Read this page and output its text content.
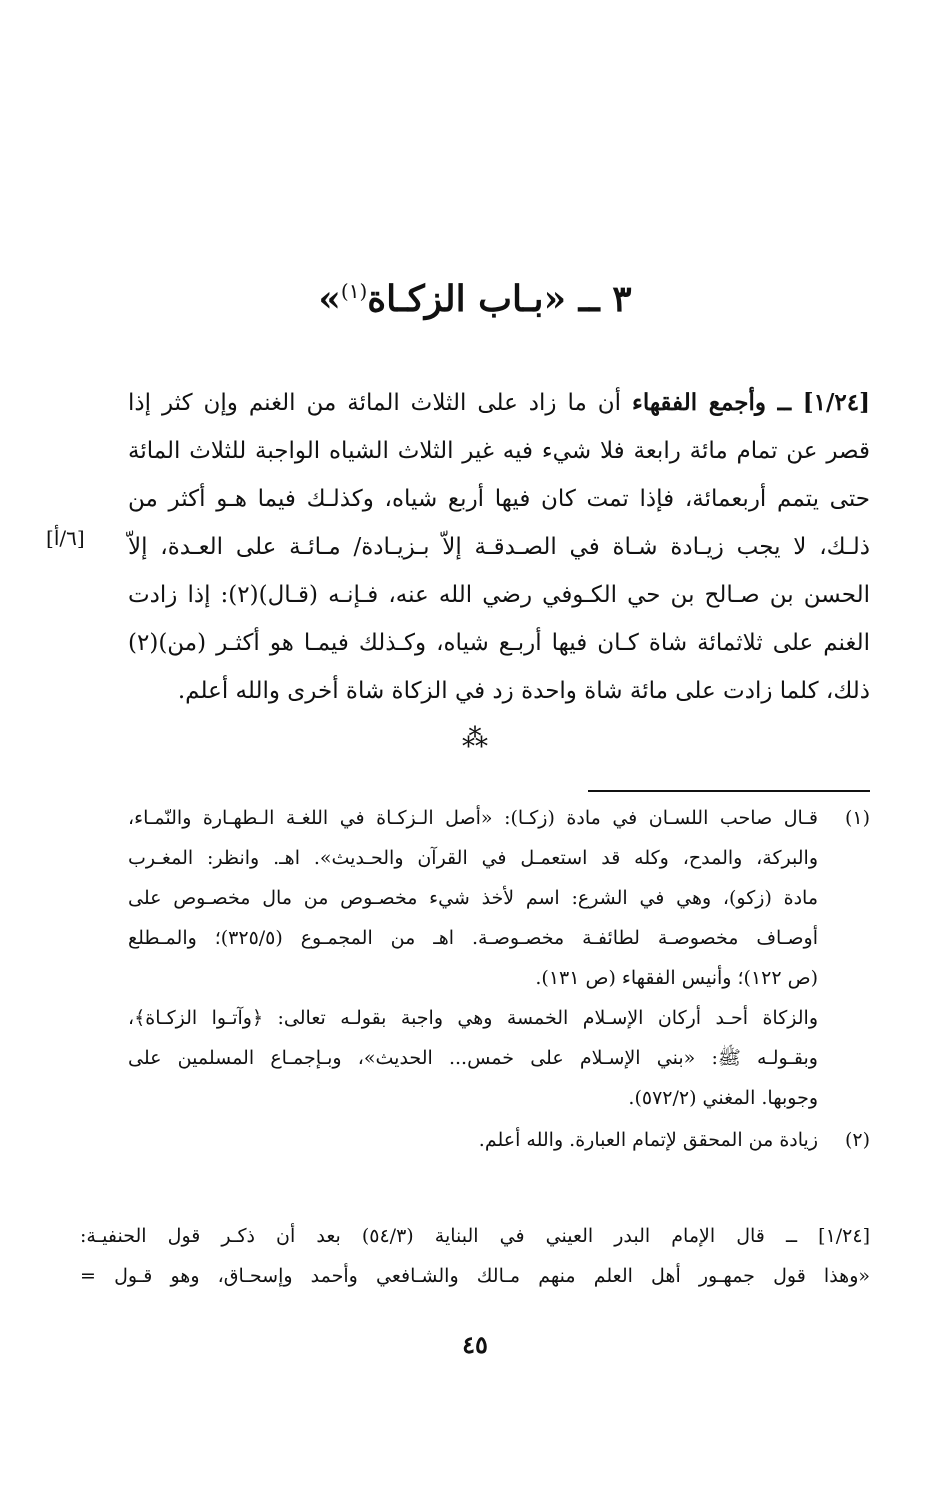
٣ ــ «بـاب الزكـاة$^{(١)}$»
[١/٢٤] ــ وأجمع الفقهاء أن ما زاد على الثلاث المائة من الغنم وإن كثر إذا
قصر عن تمام مائة رابعة فلا شيء فيه غير الثلاث الشياه الواجبة للثلاث المائة
حتى يتمم أربعمائة، فإذا تمت كان فيها أربع شياه، وكذلـك فيما هـو أكثر من
ذلـك، لا يجب زيـادة شـاة في الصـدقـة إلاّ بـزيـادة/ مـائـة على العـدة، إلاّ
الحسن بن صـالح بن حي الكـوفي رضي الله عنه، فـإنـه (قـال)(٢): إذا زادت
الغنم على ثلاثمائة شاة كـان فيها أربـع شياه، وكـذلك فيمـا هو أكثـر (من)(٢)
ذلك، كلما زادت على مائة شاة واحدة زد في الزكاة شاة أخرى والله أعلم.
[٦/أ]
⁂
(١)
قـال صاحب اللسـان في مادة (زكـا): «أصل الـزكـاة في اللغـة الـطهـارة والنّمـاء،
والبركة، والمدح، وكله قد استعمـل في القرآن والحـديث». اهـ. وانظر: المغـرب
مادة (زكو)، وهي في الشرع: اسم لأخذ شيء مخصـوص من مال مخصـوص على
أوصـاف مخصوصـة لطائفـة مخصـوصـة. اهـ من المجمـوع (٣٢٥/٥)؛ والمـطلع
(ص ١٢٢)؛ وأنيس الفقهاء (ص ١٣١).
والزكاة أحـد أركان الإسـلام الخمسة وهي واجبة بقولـه تعالى: ﴿وآتـوا الزكـاة﴾،
وبقـولـه ﷺ: «بني الإسـلام على خمس... الحديث»، وبـإجمـاع المسلمين على
وجوبها. المغني (٥٧٢/٢).
(٢)
زيادة من المحقق لإتمام العبارة. والله أعلم.
[١/٢٤] ــ قال الإمام البدر العيني في البناية (٥٤/٣) بعد أن ذكـر قول الحنفيـة:
«وهذا قول جمهـور أهل العلم منهم مـالك والشـافعي وأحمد وإسحـاق، وهو قـول =
٤٥
